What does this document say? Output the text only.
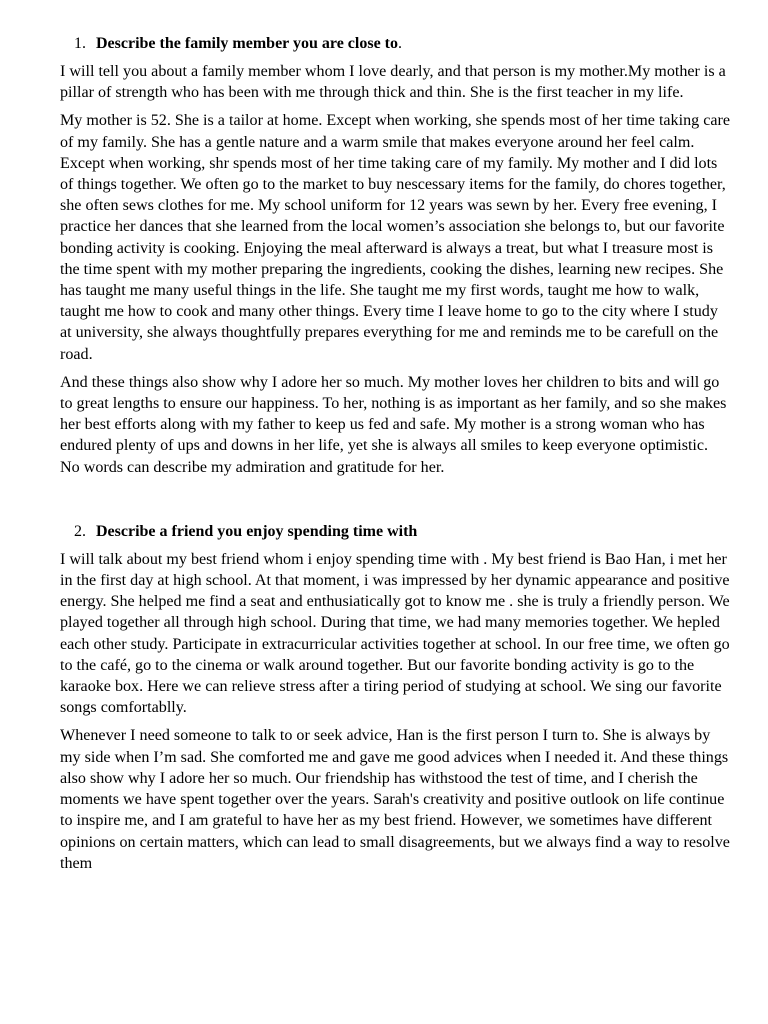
1. Describe the family member you are close to.

I will tell you about a family member whom I love dearly, and that person is my mother.My mother is a pillar of strength who has been with me through thick and thin. She is the first teacher in my life.

My mother is 52. She is a tailor at home. Except when working, she spends most of her time taking care of my family. She has a gentle nature and a warm smile that makes everyone around her feel calm. Except when working, shr spends most of her time taking care of my family. My mother and I did lots of things together. We often go to the market to buy nescessary items for the family, do chores together, she often sews clothes for me. My school uniform for 12 years was sewn by her. Every free evening, I practice her dances that she learned from the local women’s association she belongs to, but our favorite bonding activity is cooking. Enjoying the meal afterward is always a treat, but what I treasure most is the time spent with my mother preparing the ingredients, cooking the dishes, learning new recipes. She has taught me many useful things in the life. She taught me my first words, taught me how to walk, taught me how to cook and many other things. Every time I leave home to go to the city where I study at university, she always thoughtfully prepares everything for me and reminds me to be carefull on the road.

And these things also show why I adore her so much. My mother loves her children to bits and will go to great lengths to ensure our happiness. To her, nothing is as important as her family, and so she makes her best efforts along with my father to keep us fed and safe. My mother is a strong woman who has endured plenty of ups and downs in her life, yet she is always all smiles to keep everyone optimistic. No words can describe my admiration and gratitude for her.

2. Describe a friend you enjoy spending time with

I will talk about my best friend whom i enjoy spending time with . My best friend is Bao Han, i met her in the first day at high school. At that moment, i was impressed by her dynamic appearance and positive energy. She helped me find a seat and enthusiatically got to know me . she is truly a friendly person. We played together all through high school. During that time, we had many memories together. We hepled each other study. Participate in extracurricular activities together at school. In our free time, we often go to the café, go to the cinema or walk around together. But our favorite bonding activity is go to the karaoke box. Here we can relieve stress after a tiring period of studying at school. We sing our favorite songs comfortablly.

Whenever I need someone to talk to or seek advice, Han is the first person I turn to. She is always by my side when I’m sad. She comforted me and gave me good advices when I needed it. And these things also show why I adore her so much. Our friendship has withstood the test of time, and I cherish the moments we have spent together over the years. Sarah's creativity and positive outlook on life continue to inspire me, and I am grateful to have her as my best friend. However, we sometimes have different opinions on certain matters, which can lead to small disagreements, but we always find a way to resolve them
